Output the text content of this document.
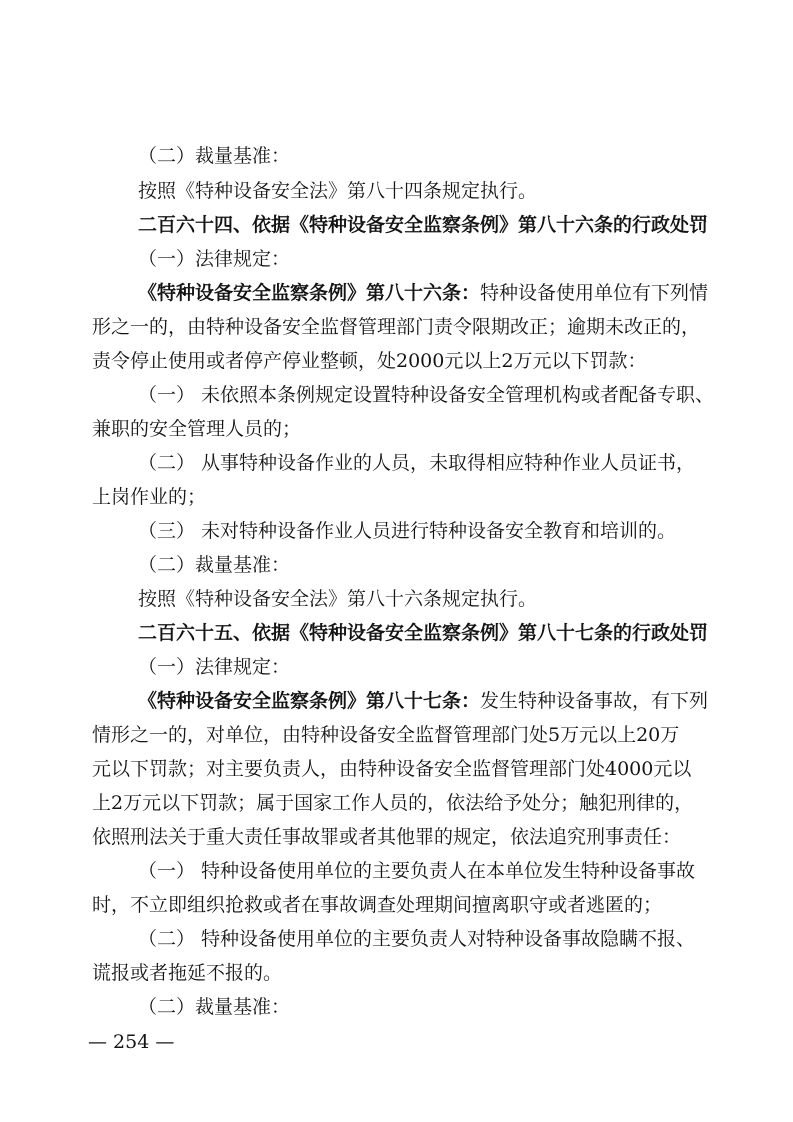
（二）裁量基准：
按照《特种设备安全法》第八十四条规定执行。
二百六十四、依据《特种设备安全监察条例》第八十六条的行政处罚
（一）法律规定：
《特种设备安全监察条例》第八十六条：特种设备使用单位有下列情
形之一的，由特种设备安全监督管理部门责令限期改正；逾期未改正的，
责令停止使用或者停产停业整顿，处2000元以上2万元以下罚款：
（一） 未依照本条例规定设置特种设备安全管理机构或者配备专职、
兼职的安全管理人员的；
（二） 从事特种设备作业的人员，未取得相应特种作业人员证书，
上岗作业的；
（三） 未对特种设备作业人员进行特种设备安全教育和培训的。
（二）裁量基准：
按照《特种设备安全法》第八十六条规定执行。
二百六十五、依据《特种设备安全监察条例》第八十七条的行政处罚
（一）法律规定：
《特种设备安全监察条例》第八十七条：发生特种设备事故，有下列
情形之一的，对单位，由特种设备安全监督管理部门处5万元以上20万
元以下罚款；对主要负责人，由特种设备安全监督管理部门处4000元以
上2万元以下罚款；属于国家工作人员的，依法给予处分；触犯刑律的，
依照刑法关于重大责任事故罪或者其他罪的规定，依法追究刑事责任：
（一） 特种设备使用单位的主要负责人在本单位发生特种设备事故
时，不立即组织抢救或者在事故调查处理期间擅离职守或者逃匿的；
（二） 特种设备使用单位的主要负责人对特种设备事故隐瞒不报、
谎报或者拖延不报的。
（二）裁量基准：
— 254 —
